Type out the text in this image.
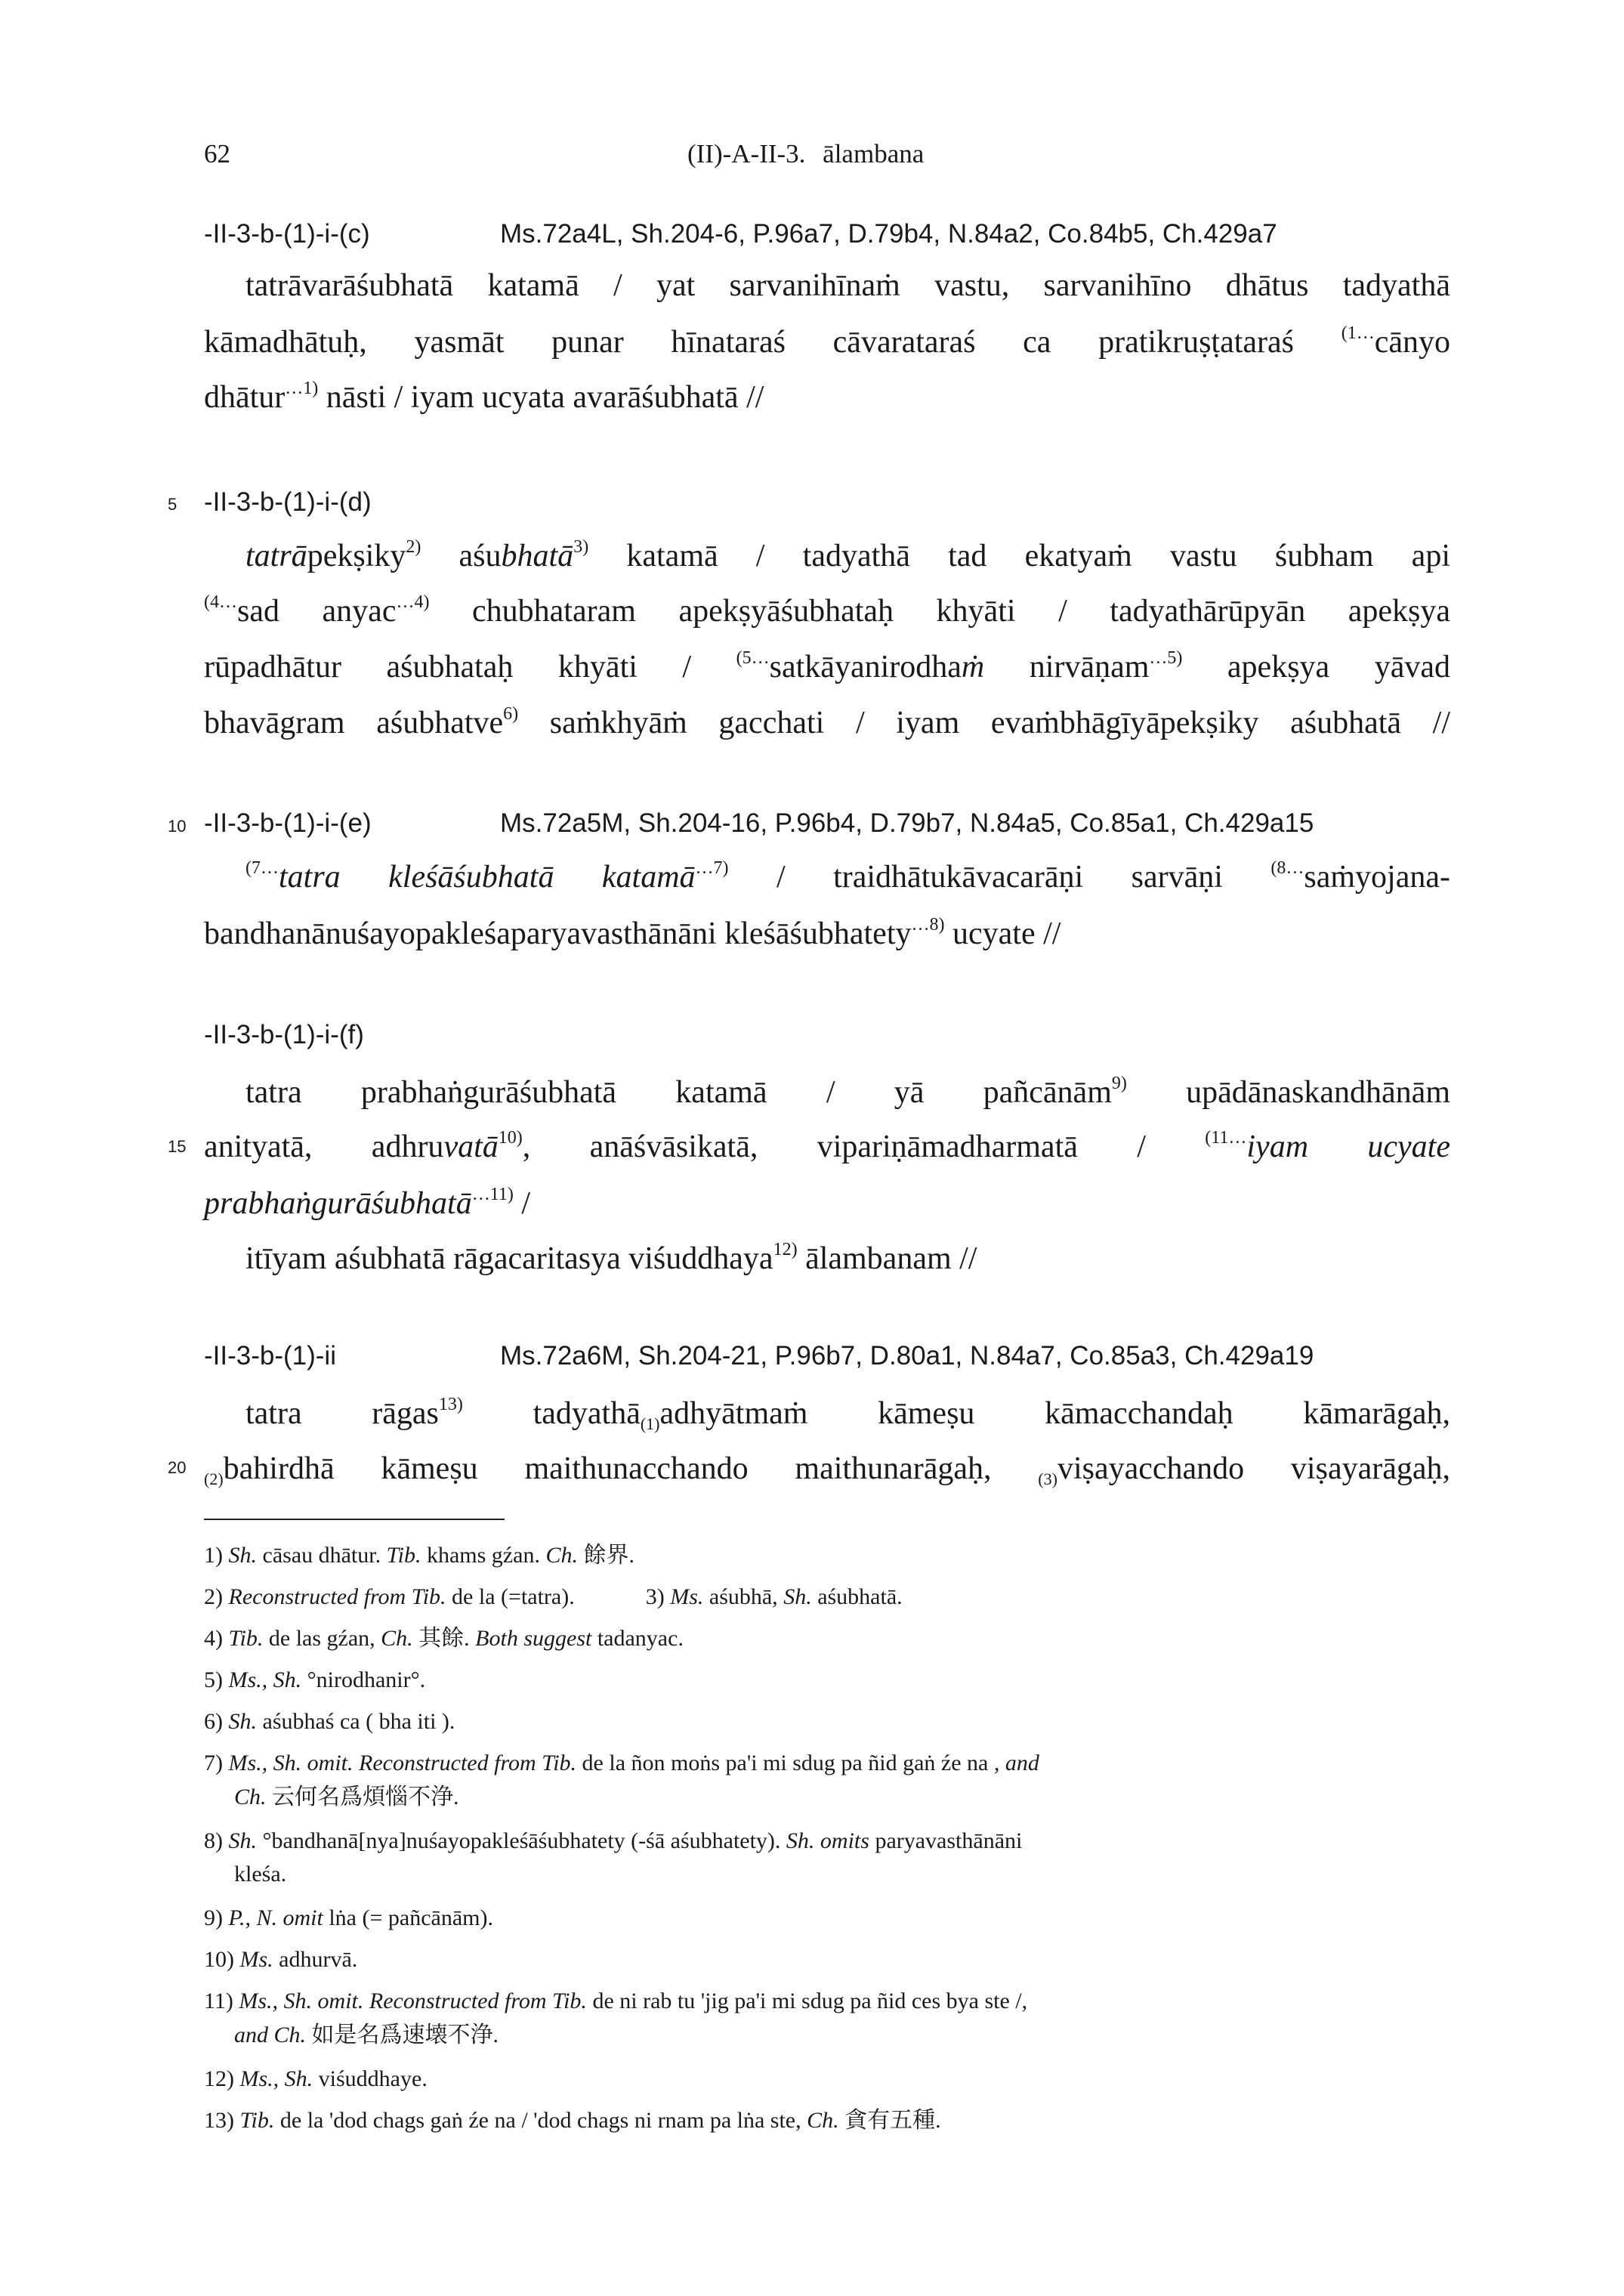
62	(II)-A-II-3. ālambana
-II-3-b-(1)-i-(c)	Ms.72a4L, Sh.204-6, P.96a7, D.79b4, N.84a2, Co.84b5, Ch.429a7
tatrāvarāśubhatā katamā / yat sarvanihīnaṁ vastu, sarvanihīno dhātus tadyathā
kāmadhātuḥ, yasmāt punar hīnataraś cāvarataraś ca pratikruṣṭataraś $^{(1\dots}$cānyo
dhātur$^{\dots 1)}$ nāsti / iyam ucyata avarāśubhatā //
5	-II-3-b-(1)-i-(d)
tatrāpekṣiky$^{2)}$ aśubhatā$^{3)}$ katamā / tadyathā tad ekatyaṁ vastu śubham api
$^{(4\dots}$sad anyac$^{\dots 4)}$ chubhataram apekṣyāśubhataḥ khyāti / tadyathārūpyān apekṣya
rūpadhātur aśubhataḥ khyāti / $^{(5\dots}$satkāyanirodhaṁ nirvāṇam$^{\dots 5)}$ apekṣya yāvad
bhavāgram aśubhatve$^{6)}$ saṁkhyāṁ gacchati / iyam evaṁbhāgīyāpekṣiky aśubhatā //
10 -II-3-b-(1)-i-(e)	Ms.72a5M, Sh.204-16, P.96b4, D.79b7, N.84a5, Co.85a1, Ch.429a15
$^{(7\dots}$tatra kleśāśubhatā katamā$^{\dots 7)}$ / traidhātukāvacarāṇi sarvāṇi $^{(8\dots}$saṁyojana-
bandhanānuśayopakleśaparyavasthānāni kleśāśubhatety$^{\dots 8)}$ ucyate //
-II-3-b-(1)-i-(f)
tatra prabhaṅgurāśubhatā katamā / yā pañcānām$^{9)}$ upādānaskandhānām
15 anityatā, adhruvatā$^{10)}$, anāśvāsikatā, vipariṇāmadharmatā / $^{(11\dots}$iyam ucyate
prabhaṅgurāśubhatā$^{\dots 11)}$ /
itīyam aśubhatā rāgacaritasya viśuddhaya$^{12)}$ ālambanam //
-II-3-b-(1)-ii	Ms.72a6M, Sh.204-21, P.96b7, D.80a1, N.84a7, Co.85a3, Ch.429a19
tatra rāgas$^{13)}$ tadyathā$_{(1)}$adhyātmaṁ kāmeṣu kāmacchandaḥ kāmarāgaḥ,
20
$_{(2)}$bahirdhā kāmeṣu maithunacchando maithunarāgaḥ, $_{(3)}$viṣayacchando viṣayarāgaḥ,
1) Sh. cāsau dhātur. Tib. khams gźan. Ch. 餘界.
2) Reconstructed from Tib. de la (=tatra).	3) Ms. aśubhā, Sh. aśubhatā.
4) Tib. de las gźan, Ch. 其餘. Both suggest tadanyac.
5) Ms., Sh. °nirodhanir°.
6) Sh. aśubhaś ca ( bha iti ).
7) Ms., Sh. omit. Reconstructed from Tib. de la ñon moṅs pa'i mi sdug pa ñid gaṅ źe na , and
Ch. 云何名爲煩惱不浄.
8) Sh. °bandhanā[nya]nuśayopakleśāśubhatety (-śā aśubhatety). Sh. omits paryavasthānāni
kleśa.
9) P., N. omit lṅa (= pañcānām).
10) Ms. adhurvā.
11) Ms., Sh. omit. Reconstructed from Tib. de ni rab tu 'jig pa'i mi sdug pa ñid ces bya ste /,
and Ch. 如是名爲速壊不浄.
12) Ms., Sh. viśuddhaye.
13) Tib. de la 'dod chags gaṅ źe na / 'dod chags ni rnam pa lṅa ste, Ch. 貪有五種.
